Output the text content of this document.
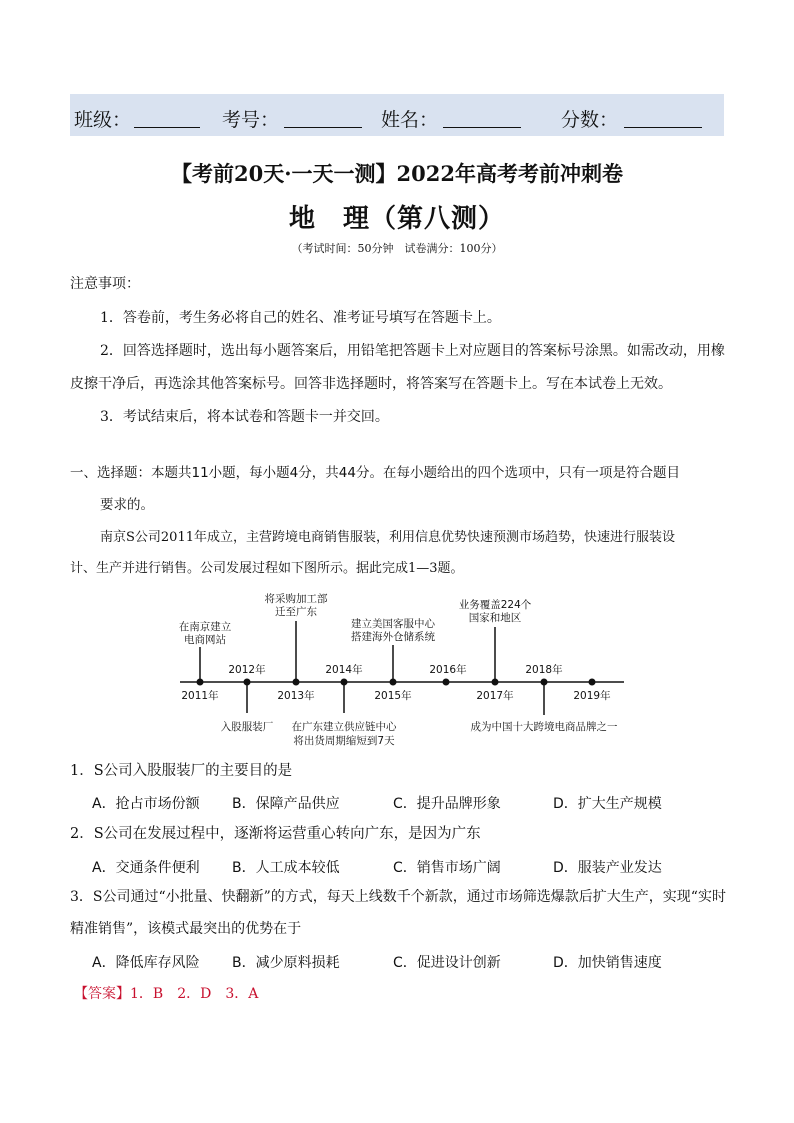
班级：	考号：	姓名：	分数：
【考前20天·一天一测】2022年高考考前冲刺卷
地　理（第八测）
（考试时间：50分钟　试卷满分：100分）
注意事项：
1．答卷前，考生务必将自己的姓名、准考证号填写在答题卡上。
2．回答选择题时，选出每小题答案后，用铅笔把答题卡上对应题目的答案标号涂黑。如需改动，用橡
皮擦干净后，再选涂其他答案标号。回答非选择题时，将答案写在答题卡上。写在本试卷上无效。
3．考试结束后，将本试卷和答题卡一并交回。
一、选择题：本题共11小题，每小题4分，共44分。在每小题给出的四个选项中，只有一项是符合题目
要求的。
南京S公司2011年成立，主营跨境电商销售服装，利用信息优势快速预测市场趋势，快速进行服装设
计、生产并进行销售。公司发展过程如下图所示。据此完成1—3题。
2011年
2012年
2013年
2014年
2015年
2016年
2017年
2018年
2019年
在南京建立
电商网站
将采购加工部
迁至广东
建立美国客服中心
搭建海外仓储系统
业务覆盖224个
国家和地区
入股服装厂 在广东建立供应链中心
将出货周期缩短到7天
成为中国十大跨境电商品牌之一
1．S公司入股服装厂的主要目的是
A．抢占市场份额 B．保障产品供应	C．提升品牌形象	D．扩大生产规模
2．S公司在发展过程中，逐渐将运营重心转向广东，是因为广东
A．交通条件便利 B．人工成本较低	C．销售市场广阔	D．服装产业发达
3．S公司通过“小批量、快翻新”的方式，每天上线数千个新款，通过市场筛选爆款后扩大生产，实现“实时
精准销售”，该模式最突出的优势在于
A．降低库存风险 B．减少原料损耗	C．促进设计创新	D．加快销售速度
【答案】1．B　2．D　3．A
